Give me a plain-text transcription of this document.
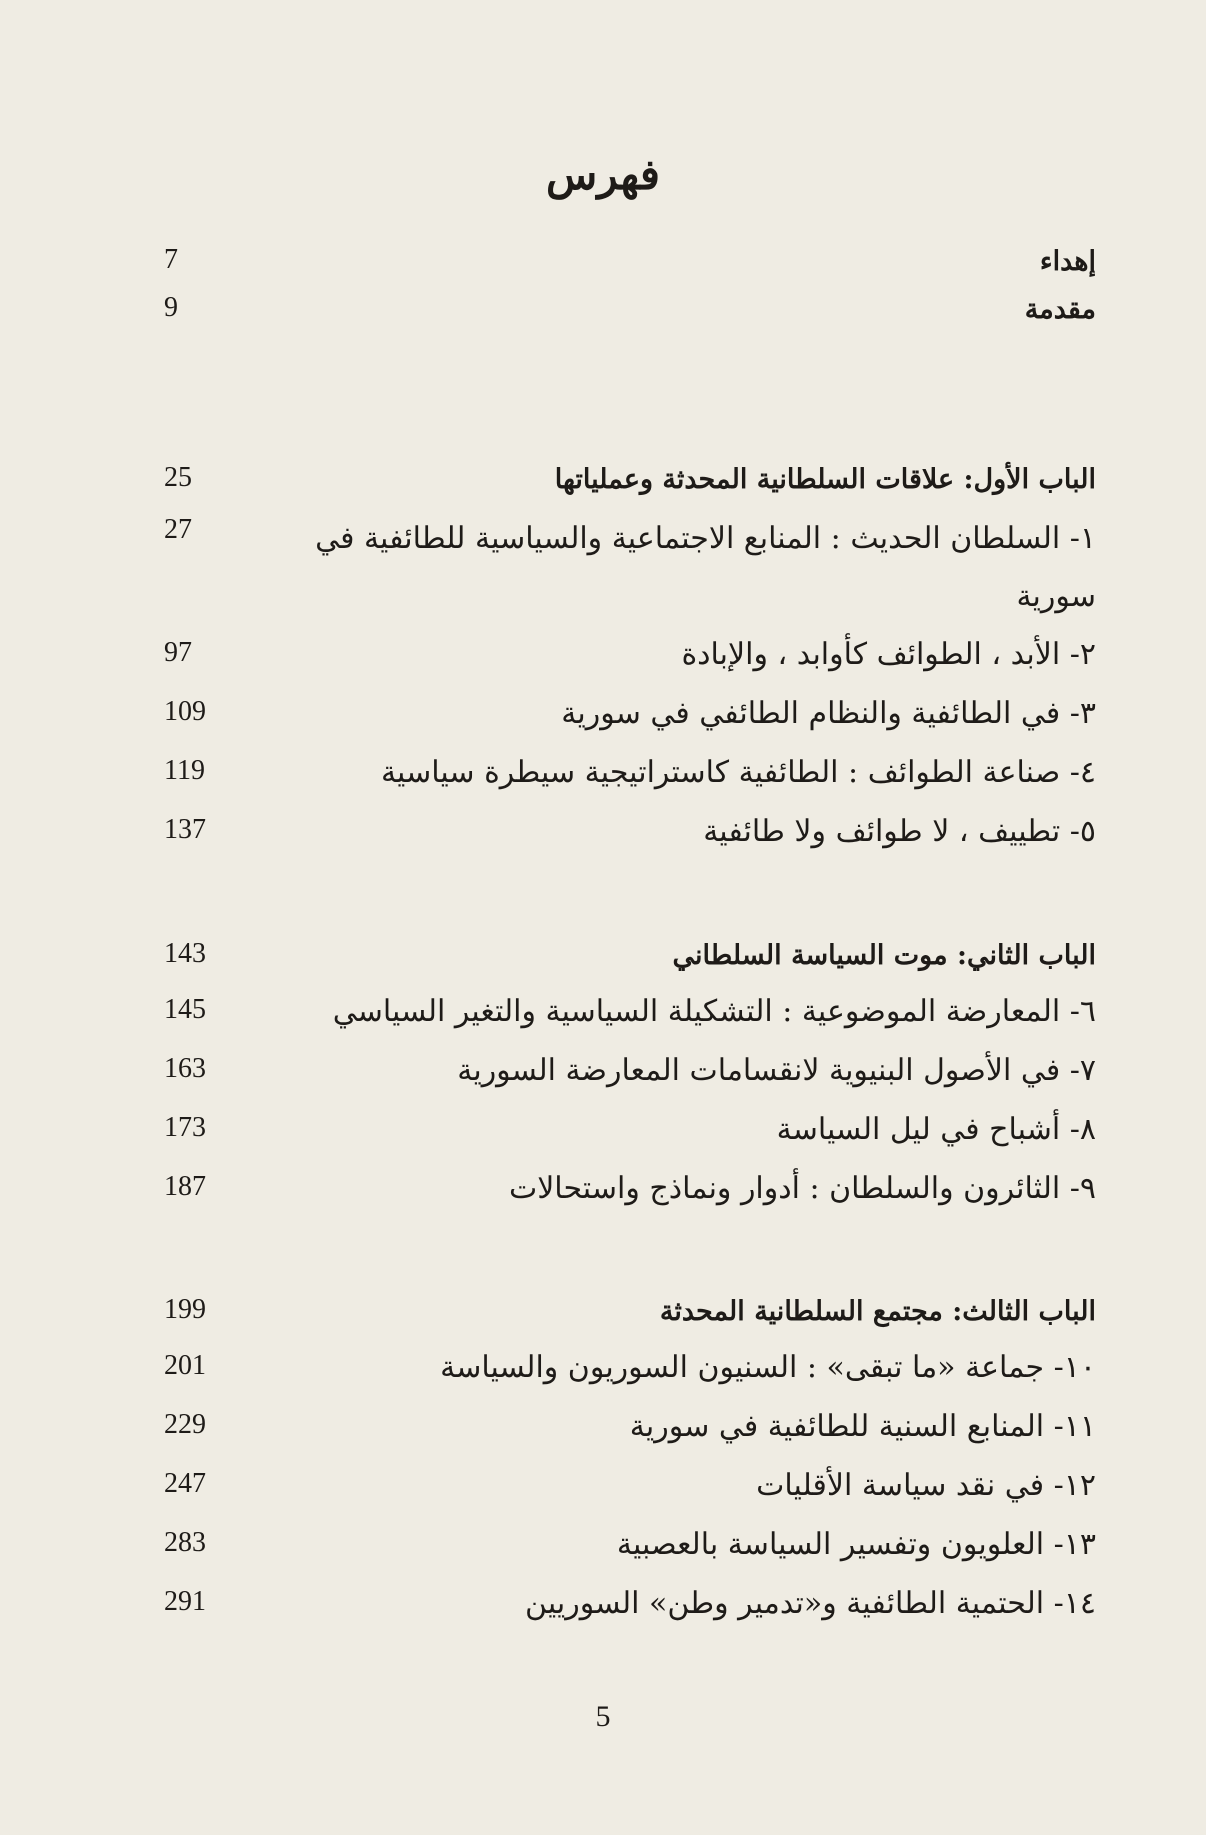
فهرس
7	إهداء
9	مقدمة
25	الباب الأول: علاقات السلطانية المحدثة وعملياتها
27	١- السلطان الحديث : المنابع الاجتماعية والسياسية للطائفية في سورية
97	٢- الأبد ، الطوائف كأوابد ، والإبادة
109	٣- في الطائفية والنظام الطائفي في سورية
119	٤- صناعة الطوائف : الطائفية كاستراتيجية سيطرة سياسية
137	٥- تطييف ، لا طوائف ولا طائفية
143	الباب الثاني: موت السياسة السلطاني
145	٦- المعارضة الموضوعية : التشكيلة السياسية والتغير السياسي
163	٧- في الأصول البنيوية لانقسامات المعارضة السورية
173	٨- أشباح في ليل السياسة
187	٩- الثائرون والسلطان : أدوار ونماذج واستحالات
199	الباب الثالث: مجتمع السلطانية المحدثة
201	١٠- جماعة «ما تبقى» : السنيون السوريون والسياسة
229	١١- المنابع السنية للطائفية في سورية
247	١٢- في نقد سياسة الأقليات
283	١٣- العلويون وتفسير السياسة بالعصبية
291	١٤- الحتمية الطائفية و«تدمير وطن» السوريين
5
